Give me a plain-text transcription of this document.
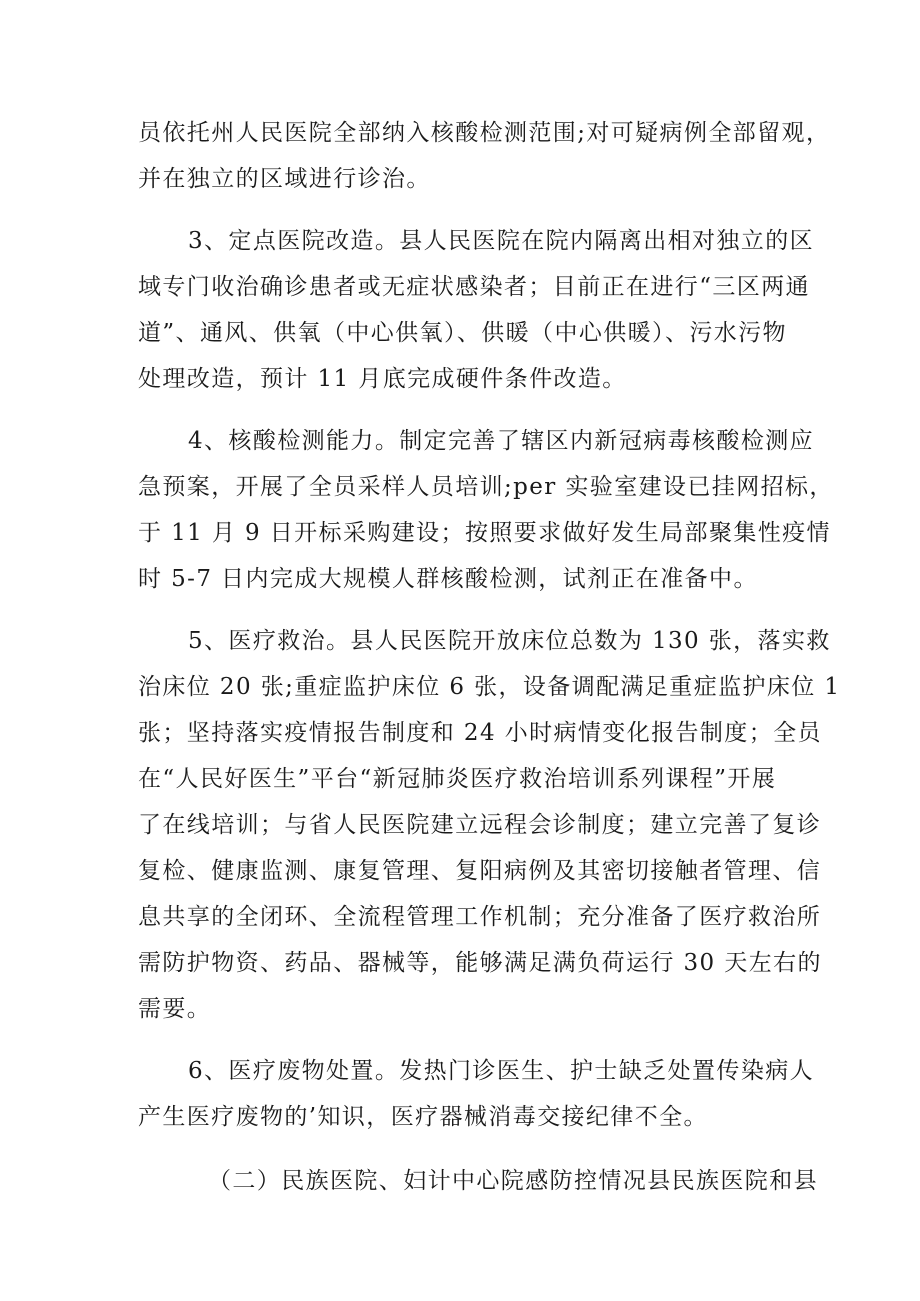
员依托州人民医院全部纳入核酸检测范围;对可疑病例全部留观，
并在独立的区域进行诊治。
3、定点医院改造。县人民医院在院内隔离出相对独立的区
域专门收治确诊患者或无症状感染者；目前正在进行“三区两通
道”、通风、供氧（中心供氧）、供暖（中心供暖）、污水污物
处理改造，预计 11 月底完成硬件条件改造。
4、核酸检测能力。制定完善了辖区内新冠病毒核酸检测应
急预案，开展了全员采样人员培训;per 实验室建设已挂网招标，
于 11 月 9 日开标采购建设；按照要求做好发生局部聚集性疫情
时 5-7 日内完成大规模人群核酸检测，试剂正在准备中。
5、医疗救治。县人民医院开放床位总数为 130 张，落实救
治床位 20 张;重症监护床位 6 张，设备调配满足重症监护床位 1
张；坚持落实疫情报告制度和 24 小时病情变化报告制度；全员
在“人民好医生”平台“新冠肺炎医疗救治培训系列课程”开展
了在线培训；与省人民医院建立远程会诊制度；建立完善了复诊
复检、健康监测、康复管理、复阳病例及其密切接触者管理、信
息共享的全闭环、全流程管理工作机制；充分准备了医疗救治所
需防护物资、药品、器械等，能够满足满负荷运行 30 天左右的
需要。
6、医疗废物处置。发热门诊医生、护士缺乏处置传染病人
产生医疗废物的’知识，医疗器械消毒交接纪律不全。
（二）民族医院、妇计中心院感防控情况县民族医院和县
